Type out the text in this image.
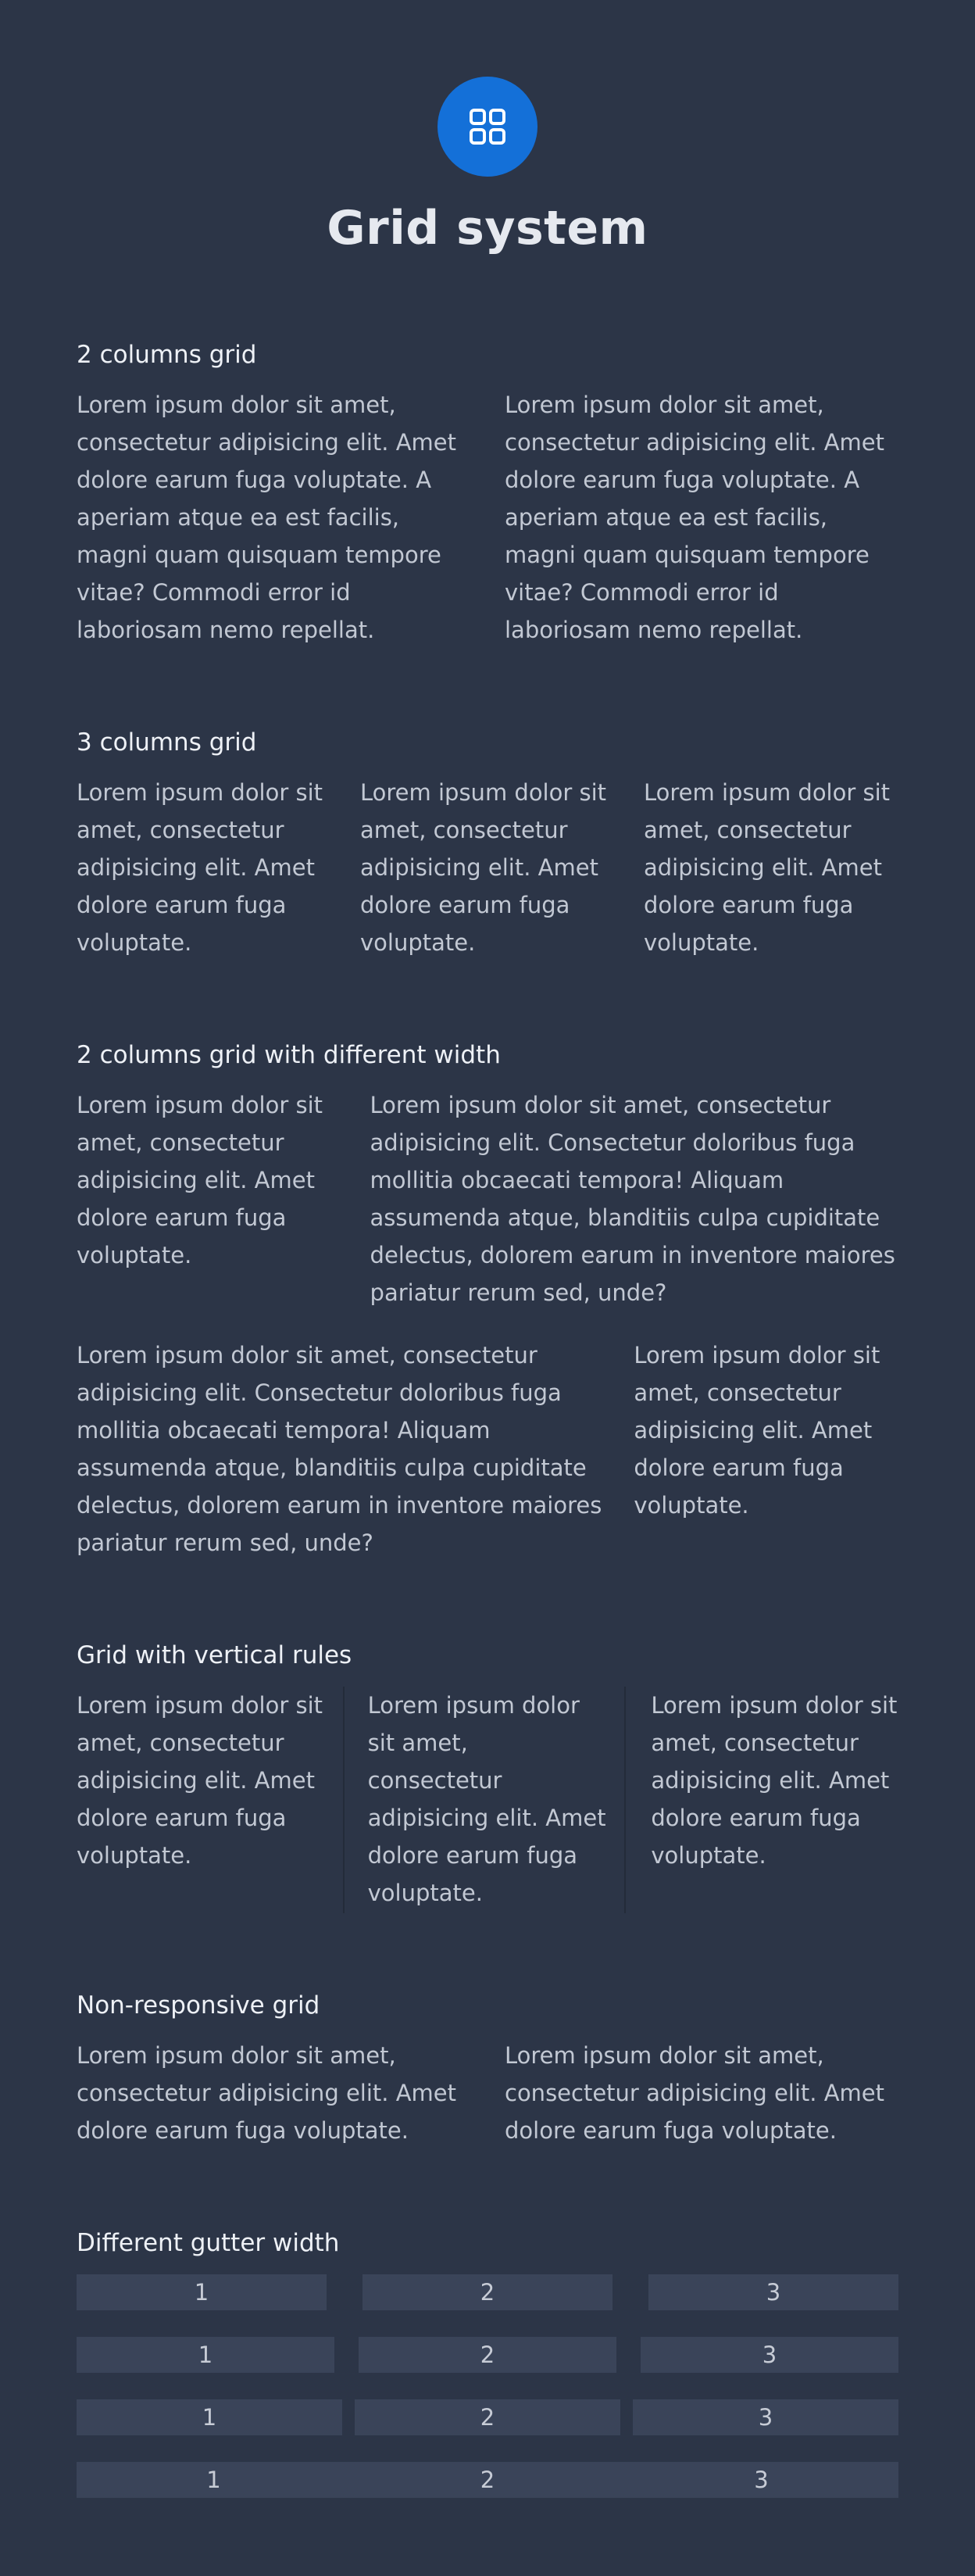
Grid system
2 columns grid

Lorem ipsum dolor sit amet, consectetur adipisicing elit. Amet dolore earum fuga voluptate. A aperiam atque ea est facilis, magni quam quisquam tempore vitae? Commodi error id laboriosam nemo repellat.

Lorem ipsum dolor sit amet, consectetur adipisicing elit. Amet dolore earum fuga voluptate. A aperiam atque ea est facilis, magni quam quisquam tempore vitae? Commodi error id laboriosam nemo repellat.

3 columns grid

Lorem ipsum dolor sit amet, consectetur adipisicing elit. Amet dolore earum fuga voluptate.

Lorem ipsum dolor sit amet, consectetur adipisicing elit. Amet dolore earum fuga voluptate.

Lorem ipsum dolor sit amet, consectetur adipisicing elit. Amet dolore earum fuga voluptate.

2 columns grid with different width

Lorem ipsum dolor sit amet, consectetur adipisicing elit. Amet dolore earum fuga voluptate.

Lorem ipsum dolor sit amet, consectetur adipisicing elit. Consectetur doloribus fuga mollitia obcaecati tempora! Aliquam assumenda atque, blanditiis culpa cupiditate delectus, dolorem earum in inventore maiores pariatur rerum sed, unde?

Lorem ipsum dolor sit amet, consectetur adipisicing elit. Consectetur doloribus fuga mollitia obcaecati tempora! Aliquam assumenda atque, blanditiis culpa cupiditate delectus, dolorem earum in inventore maiores pariatur rerum sed, unde?

Lorem ipsum dolor sit amet, consectetur adipisicing elit. Amet dolore earum fuga voluptate.

Grid with vertical rules

Lorem ipsum dolor sit amet, consectetur adipisicing elit. Amet dolore earum fuga voluptate.

Lorem ipsum dolor sit amet, consectetur adipisicing elit. Amet dolore earum fuga voluptate.

Lorem ipsum dolor sit amet, consectetur adipisicing elit. Amet dolore earum fuga voluptate.

Non-responsive grid

Lorem ipsum dolor sit amet, consectetur adipisicing elit. Amet dolore earum fuga voluptate.

Lorem ipsum dolor sit amet, consectetur adipisicing elit. Amet dolore earum fuga voluptate.

Different gutter width
1	2	3
1	2	3
1	2	3
1	2	3
